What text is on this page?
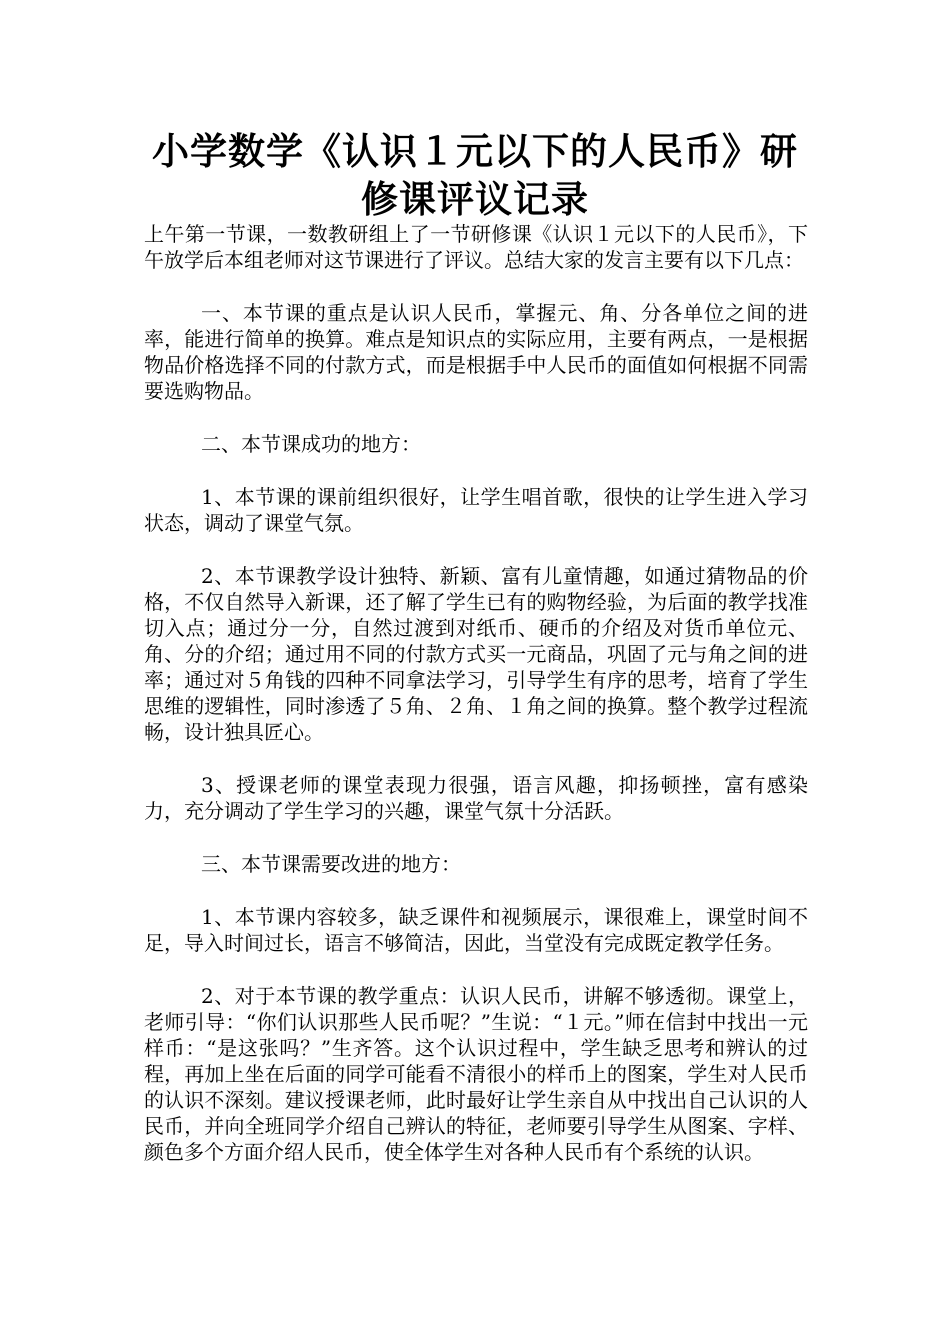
小学数学《认识１元以下的人民币》研
修课评议记录

上午第一节课，一数教研组上了一节研修课《认识１元以下的人民币》，下午放学后本组老师对这节课进行了评议。总结大家的发言主要有以下几点：

一、本节课的重点是认识人民币，掌握元、角、分各单位之间的进率，能进行简单的换算。难点是知识点的实际应用，主要有两点，一是根据物品价格选择不同的付款方式，而是根据手中人民币的面值如何根据不同需要选购物品。

二、本节课成功的地方：

1、本节课的课前组织很好，让学生唱首歌，很快的让学生进入学习状态，调动了课堂气氛。

2、本节课教学设计独特、新颖、富有儿童情趣，如通过猜物品的价格，不仅自然导入新课，还了解了学生已有的购物经验，为后面的教学找准切入点；通过分一分，自然过渡到对纸币、硬币的介绍及对货币单位元、角、分的介绍；通过用不同的付款方式买一元商品，巩固了元与角之间的进率；通过对５角钱的四种不同拿法学习，引导学生有序的思考，培育了学生思维的逻辑性，同时渗透了５角、２角、１角之间的换算。整个教学过程流畅，设计独具匠心。

3、授课老师的课堂表现力很强，语言风趣，抑扬顿挫，富有感染力，充分调动了学生学习的兴趣，课堂气氛十分活跃。

三、本节课需要改进的地方：

1、本节课内容较多，缺乏课件和视频展示，课很难上，课堂时间不足，导入时间过长，语言不够简洁，因此，当堂没有完成既定教学任务。

2、对于本节课的教学重点：认识人民币，讲解不够透彻。课堂上，老师引导：“你们认识那些人民币呢？”生说：“１元。”师在信封中找出一元样币：“是这张吗？”生齐答。这个认识过程中，学生缺乏思考和辨认的过程，再加上坐在后面的同学可能看不清很小的样币上的图案，学生对人民币的认识不深刻。建议授课老师，此时最好让学生亲自从中找出自己认识的人民币，并向全班同学介绍自己辨认的特征，老师要引导学生从图案、字样、颜色多个方面介绍人民币，使全体学生对各种人民币有个系统的认识。
